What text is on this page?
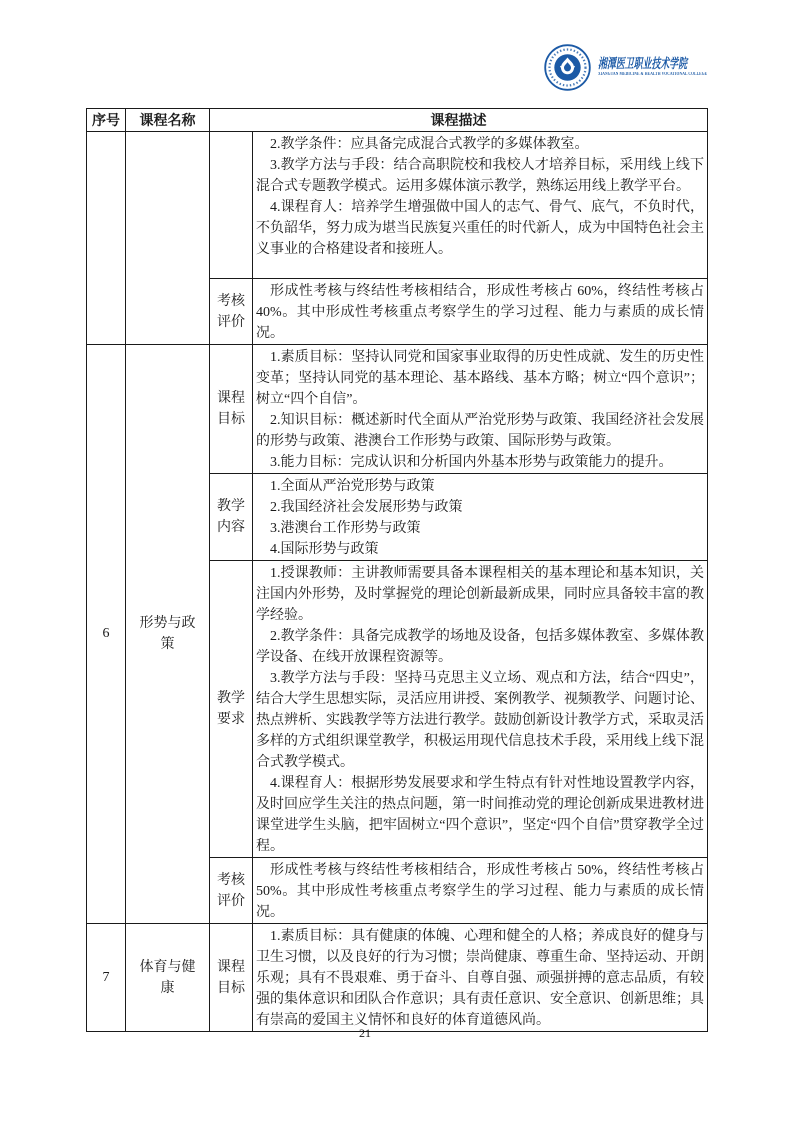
湘潭医卫职业技术学院
XIANGTAN MEDICINE & HEALTH VOCATIONAL COLLEGE
序号	课程名称	课程描述	

			2.教学条件：应具备完成混合式教学的多媒体教室。

3.教学方法与手段：结合高职院校和我校人才培养目标，采用线上线下混合式专题教学模式。运用多媒体演示教学，熟练运用线上教学平台。

4.课程育人：培养学生增强做中国人的志气、骨气、底气，不负时代，不负韶华，努力成为堪当民族复兴重任的时代新人，成为中国特色社会主义事业的合格建设者和接班人。

		考核评价	形成性考核与终结性考核相结合，形成性考核占 60%，终结性考核占 40%。其中形成性考核重点考察学生的学习过程、能力与素质的成长情况。

6	形势与政策	课程目标	1.素质目标：坚持认同党和国家事业取得的历史性成就、发生的历史性变革；坚持认同党的基本理论、基本路线、基本方略；树立“四个意识”；树立“四个自信”。

2.知识目标：概述新时代全面从严治党形势与政策、我国经济社会发展的形势与政策、港澳台工作形势与政策、国际形势与政策。

3.能力目标：完成认识和分析国内外基本形势与政策能力的提升。

		教学内容	1.全面从严治党形势与政策

2.我国经济社会发展形势与政策

3.港澳台工作形势与政策

4.国际形势与政策

		教学要求	1.授课教师：主讲教师需要具备本课程相关的基本理论和基本知识，关注国内外形势，及时掌握党的理论创新最新成果，同时应具备较丰富的教学经验。

2.教学条件：具备完成教学的场地及设备，包括多媒体教室、多媒体教学设备、在线开放课程资源等。

3.教学方法与手段：坚持马克思主义立场、观点和方法，结合“四史”，结合大学生思想实际，灵活应用讲授、案例教学、视频教学、问题讨论、热点辨析、实践教学等方法进行教学。鼓励创新设计教学方式，采取灵活多样的方式组织课堂教学，积极运用现代信息技术手段，采用线上线下混合式教学模式。

4.课程育人：根据形势发展要求和学生特点有针对性地设置教学内容，及时回应学生关注的热点问题，第一时间推动党的理论创新成果进教材进课堂进学生头脑，把牢固树立“四个意识”，坚定“四个自信”贯穿教学全过程。

		考核评价	形成性考核与终结性考核相结合，形成性考核占 50%，终结性考核占 50%。其中形成性考核重点考察学生的学习过程、能力与素质的成长情况。

7	体育与健康	课程目标	1.素质目标：具有健康的体魄、心理和健全的人格；养成良好的健身与卫生习惯，以及良好的行为习惯；崇尚健康、尊重生命、坚持运动、开朗乐观；具有不畏艰难、勇于奋斗、自尊自强、顽强拼搏的意志品质，有较强的集体意识和团队合作意识；具有责任意识、安全意识、创新思维；具有崇高的爱国主义情怀和良好的体育道德风尚。

21
